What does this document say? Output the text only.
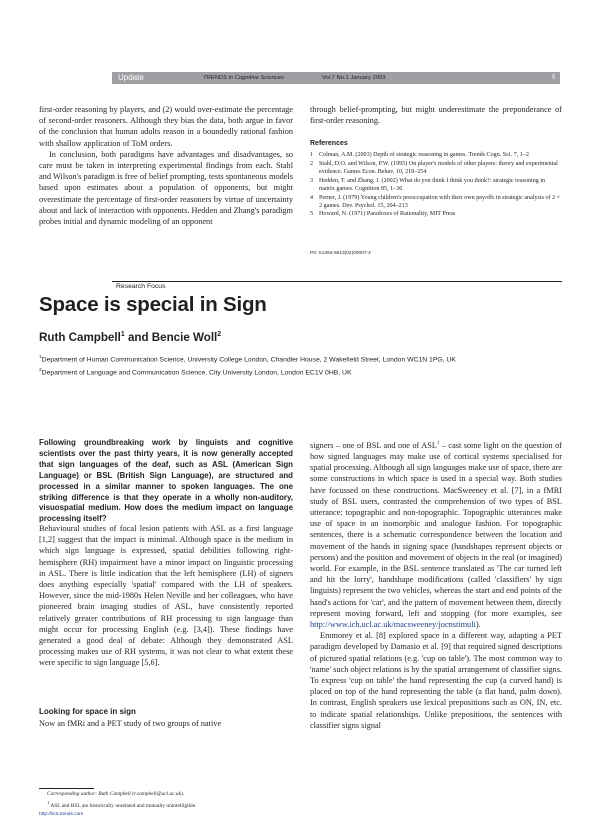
Update	TRENDS in Cognitive Sciences	Vol.7 No.1 January 2003	5

first-order reasoning by players, and (2) would over-estimate the percentage of second-order reasoners. Although they bias the data, both argue in favor of the conclusion that human adults reason in a boundedly rational fashion with shallow application of ToM orders.

In conclusion, both paradigms have advantages and disadvantages, so care must be taken in interpreting experimental findings from each. Stahl and Wilson's paradigm is free of belief prompting, tests spontaneous models based upon estimates about a population of opponents, but might overestimate the percentage of first-order reasoners by virtue of uncertainty about and lack of interaction with opponents. Hedden and Zhang's paradigm probes initial and dynamic modeling of an opponent

through belief-prompting, but might underestimate the preponderance of first-order reasoning.

References
1 Colman, A.M. (2003) Depth of strategic reasoning in games. Trends Cogn. Sci. 7, 1–2
2 Stahl, D.O. and Wilson, P.W. (1995) On player's models of other players: theory and experimental evidence. Games Econ. Behav. 10, 218–254
3 Hedden, T. and Zhang, J. (2002) What do you think I think you think?: strategic reasoning in matrix games. Cognition 85, 1–36
4 Perner, J. (1979) Young children's preoccupation with their own payoffs in strategic analysis of 2 × 2 games. Dev. Psychol. 15, 204–213
5 Howard, N. (1971) Paradoxes of Rationality, MIT Press
PII: S1364-6613(02)00007-4
Research Focus
Space is special in Sign
Ruth Campbell$^1$ and Bencie Woll$^2$
$^1$Department of Human Communication Science, University College London, Chandler House, 2 Wakefield Street, London WC1N 1PG, UK
$^2$Department of Language and Communication Science, City University London, London EC1V 0HB, UK
Following groundbreaking work by linguists and cognitive scientists over the past thirty years, it is now generally accepted that sign languages of the deaf, such as ASL (American Sign Language) or BSL (British Sign Language), are structured and processed in a similar manner to spoken languages. The one striking difference is that they operate in a wholly non-auditory, visuospatial medium. How does the medium impact on language processing itself?

Behavioural studies of focal lesion patients with ASL as a first language [1,2] suggest that the impact is minimal. Although space is the medium in which sign language is expressed, spatial debilities following right-hemisphere (RH) impairment have a minor impact on linguistic processing in ASL. There is little indication that the left hemisphere (LH) of signers does anything especially 'spatial' compared with the LH of speakers. However, since the mid-1980s Helen Neville and her colleagues, who have pioneered brain imaging studies of ASL, have consistently reported relatively greater contributions of RH processing to sign language than might occur for processing English (e.g. [3,4]). These findings have generated a good deal of debate: Although they demonstrated ASL processing makes use of RH systems, it was not clear to what extent these were specific to sign language [5,6].

Looking for space in sign

Now an fMRi and a PET study of two groups of native

Corresponding author: Ruth Campbell (r.campbell@ucl.ac.uk).
$^1$ ASL and BSL are historically unrelated and mutually unintelligible.
http://tics.trends.com

signers – one of BSL and one of ASL$^1$ – cast some light on the question of how signed languages may make use of cortical systems specialised for spatial processing. Although all sign languages make use of space, there are some constructions in which space is used in a special way. Both studies have focussed on these constructions. MacSweeney et al. [7], in a fMRI study of BSL users, contrasted the comprehension of two types of BSL utterance: topographic and non-topographic. Topographic utterances make use of space in an isomorphic and analogue fashion. For topographic sentences, there is a schematic correspondence between the location and movement of the hands in signing space (handshapes represent objects or persons) and the position and movement of objects in the real (or imagined) world. For example, in the BSL sentence translated as 'The car turned left and hit the lorry', handshape modifications (called 'classifiers' by sign linguists) represent the two vehicles, whereas the start and end points of the hand's actions for 'car', and the pattern of movement between them, directly represent moving forward, left and stopping (for more examples, see http://www.ich.ucl.ac.uk/macsweeney/jocnstimuli).

Emmorey et al. [8] explored space in a different way, adapting a PET paradigm developed by Damasio et al. [9] that required signed descriptions of pictured spatial relations (e.g. 'cup on table'). The most common way to 'name' such object relations is by the spatial arrangement of classifier signs. To express 'cup on table' the hand representing the cup (a curved hand) is placed on top of the hand representing the table (a flat hand, palm down). In contrast, English speakers use lexical prepositions such as ON, IN, etc. to indicate spatial relationships. Unlike prepositions, the sentences with classifier signs signal
